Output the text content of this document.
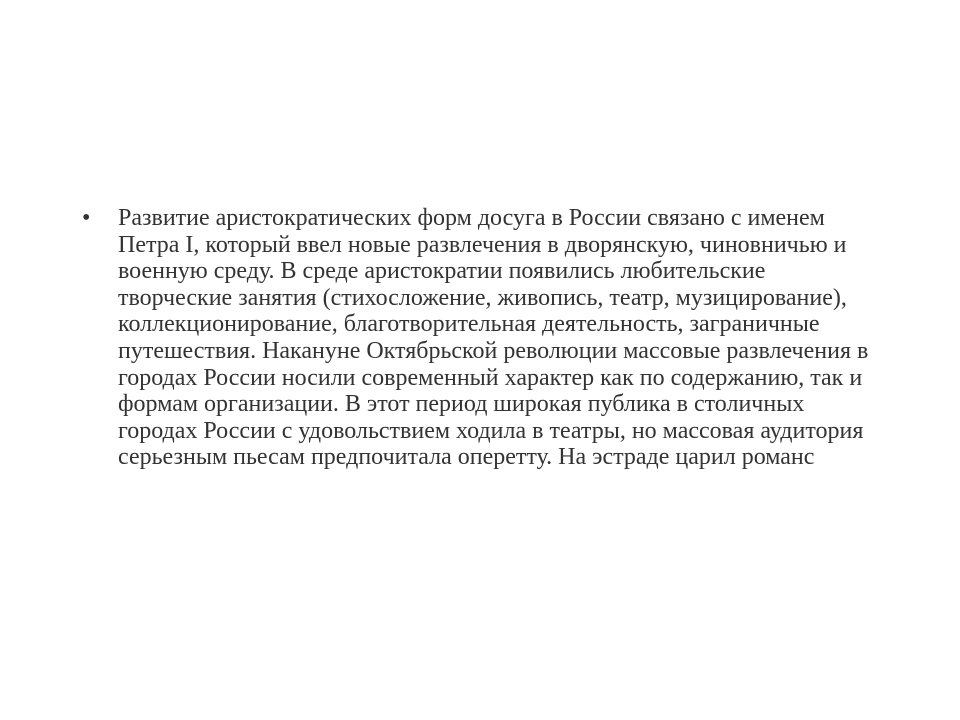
•	Развитие аристократических форм досуга в России связано с именем Петра I, который ввел новые развлечения в дворянскую, чиновничью и военную среду. В среде аристократии появились любительские творческие занятия (стихосложение, живопись, театр, музицирование), коллекционирование, благотворительная деятельность, заграничные путешествия. Накануне Октябрьской революции массовые развлечения в городах России носили современный характер как по содержанию, так и формам организации. В этот период широкая публика в столичных городах России с удовольствием ходила в театры, но массовая аудитория серьезным пьесам предпочитала оперетту. На эстраде царил романс
